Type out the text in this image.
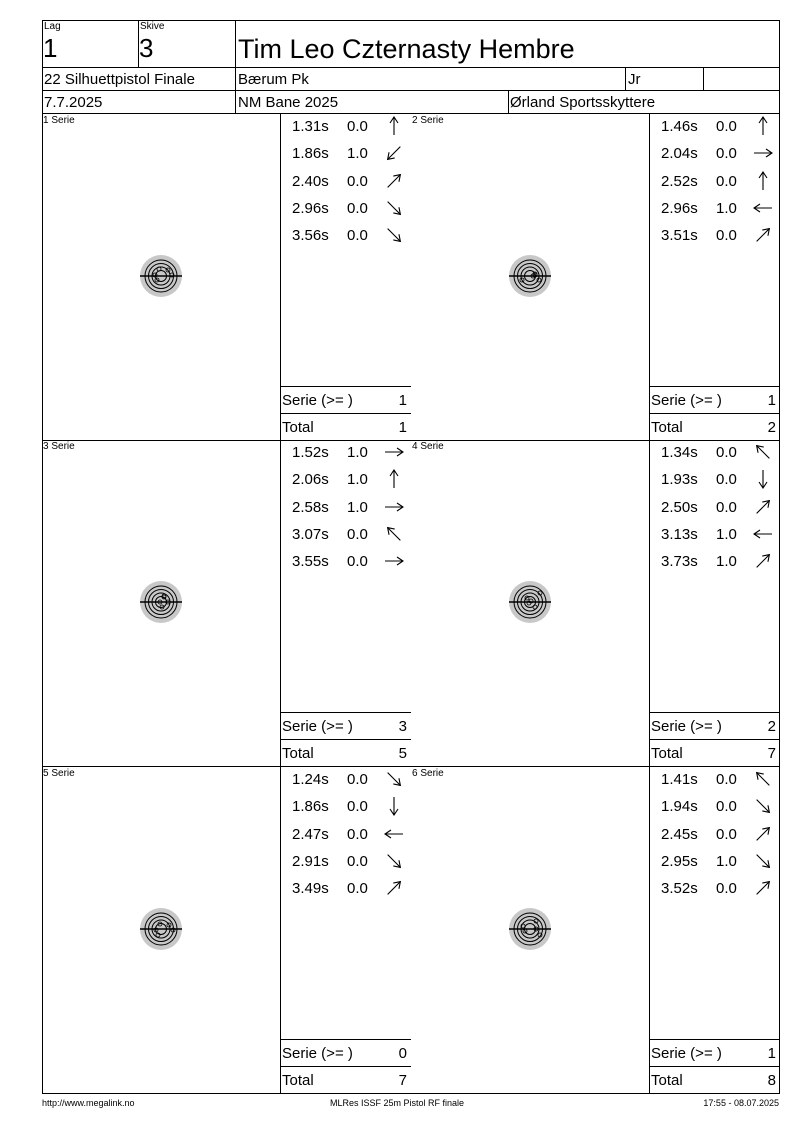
Lag
1
Skive
3	Tim Leo Czternasty Hembre
22 Silhuettpistol Finale	Bærum Pk	Jr
7.7.2025	NM Bane 2025	Ørland Sportsskyttere
1 Serie	1.31s 0.0
1.86s 1.0
2.40s 0.0
2.96s 0.0
3.56s 0.0
Serie (>= )	1
Total	1
2 Serie	1.46s 0.0
2.04s 0.0
2.52s 0.0
2.96s 1.0
3.51s 0.0
Serie (>= )	1
Total	2
3 Serie	1.52s 1.0
2.06s 1.0
2.58s 1.0
3.07s 0.0
3.55s 0.0
Serie (>= )	3
Total	5
4 Serie	1.34s 0.0
1.93s 0.0
2.50s 0.0
3.13s 1.0
3.73s 1.0
Serie (>= )	2
Total	7
5 Serie	1.24s 0.0
1.86s 0.0
2.47s 0.0
2.91s 0.0
3.49s 0.0
Serie (>= )	0
Total	7
6 Serie	1.41s 0.0
1.94s 0.0
2.45s 0.0
2.95s 1.0
3.52s 0.0
Serie (>= )	1
Total	8
http://www.megalink.no	MLRes ISSF 25m Pistol RF finale	17:55 - 08.07.2025
